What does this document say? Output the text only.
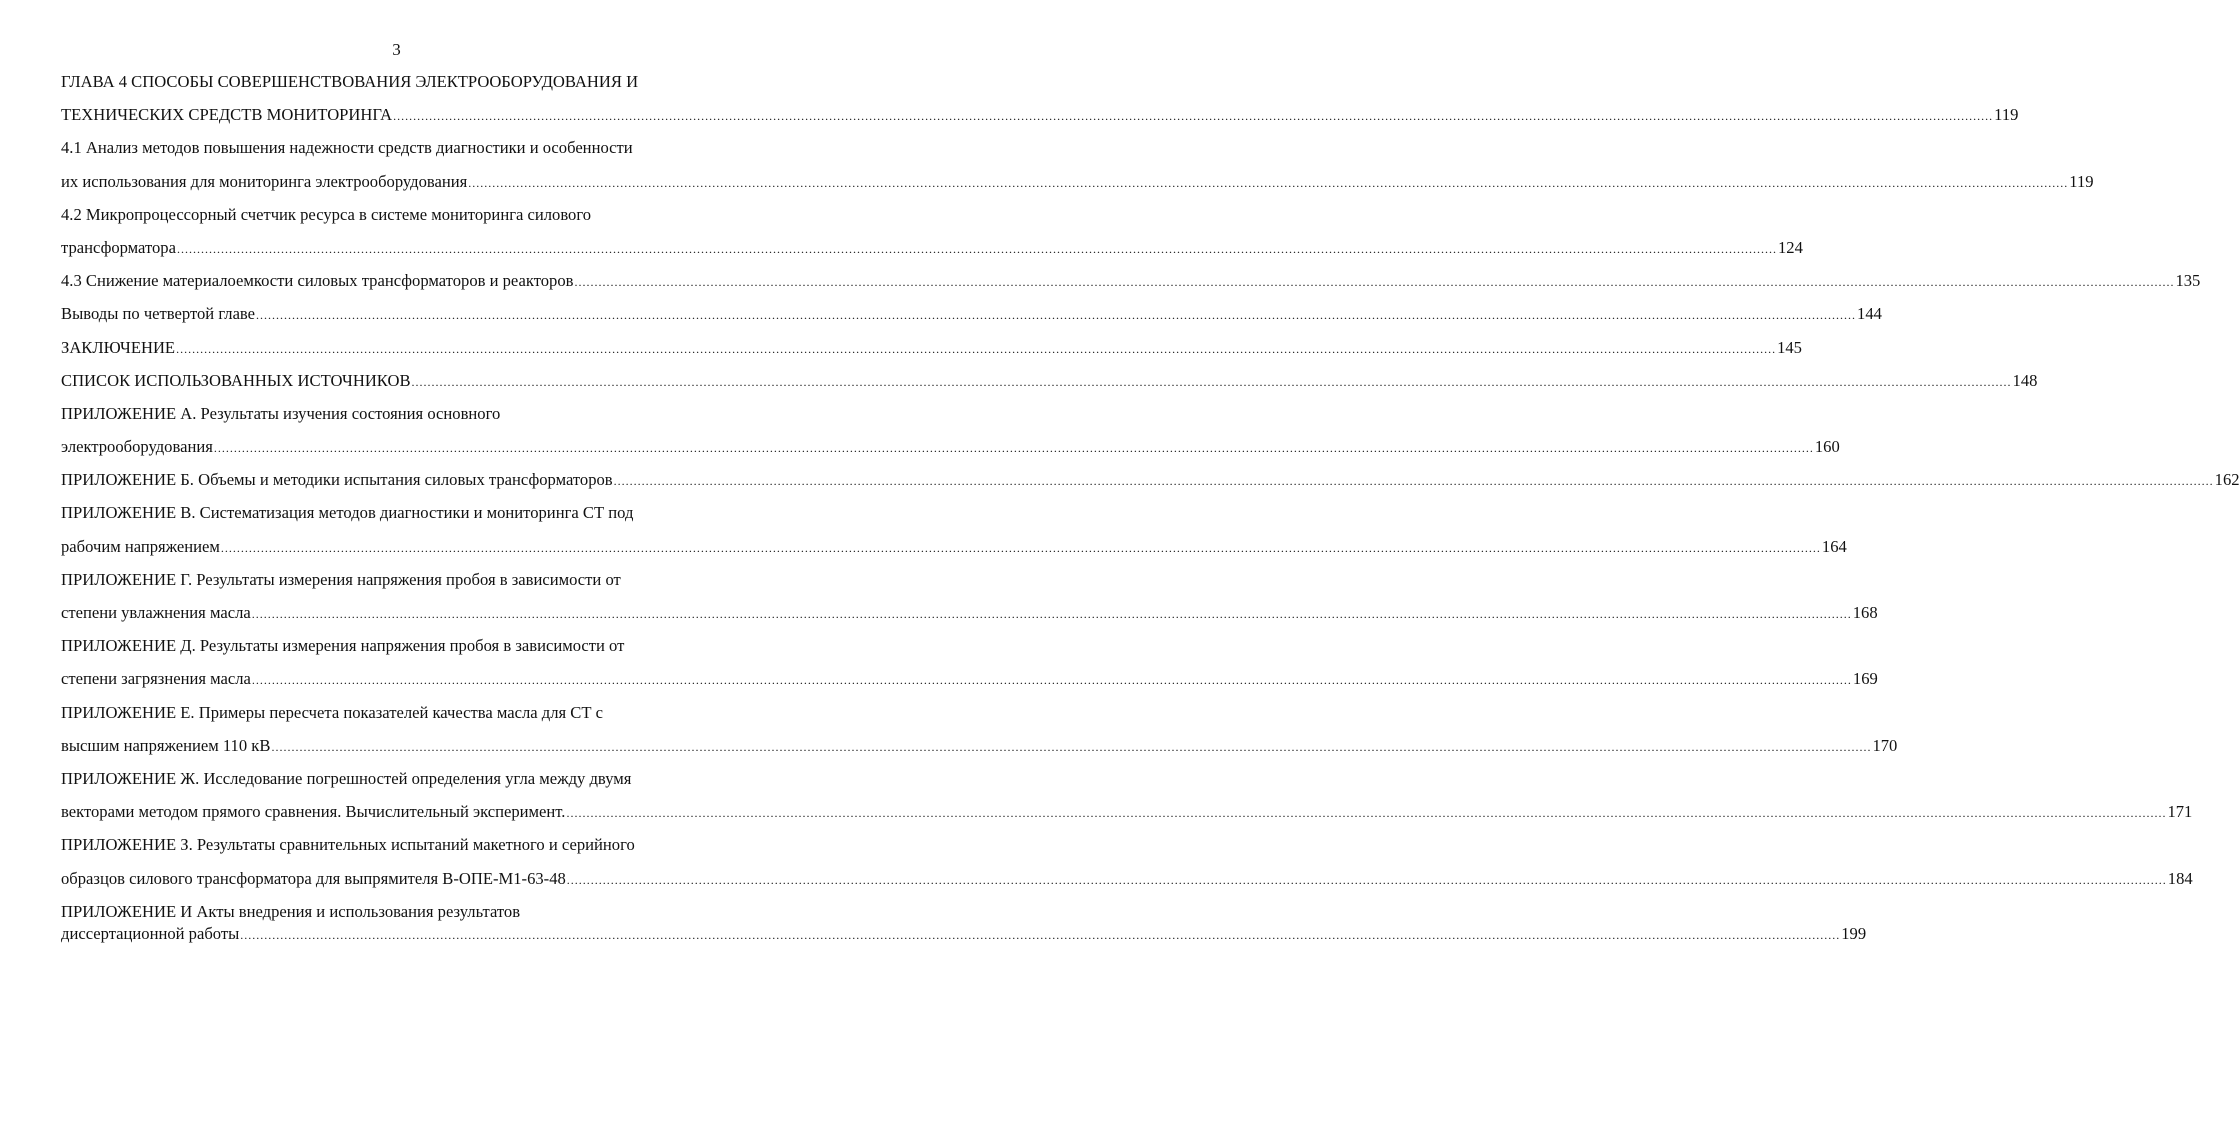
3
ГЛАВА 4 СПОСОБЫ СОВЕРШЕНСТВОВАНИЯ ЭЛЕКТРООБОРУДОВАНИЯ И
ТЕХНИЧЕСКИХ СРЕДСТВ МОНИТОРИНГА ................................................................................................................................................................................................................................................................................................................................................................................................................ 119
4.1 Анализ методов повышения надежности средств диагностики и особенности
их использования для мониторинга электрооборудования ................................................................................................................................................................................................................................................................................................................................................................................................................ 119
4.2 Микропроцессорный счетчик ресурса в системе мониторинга силового
трансформатора ................................................................................................................................................................................................................................................................................................................................................................................................................ 124
4.3 Снижение материалоемкости силовых трансформаторов и реакторов ................................................................................................................................................................................................................................................................................................................................................................................................................ 135
Выводы по четвертой главе ................................................................................................................................................................................................................................................................................................................................................................................................................ 144
ЗАКЛЮЧЕНИЕ ................................................................................................................................................................................................................................................................................................................................................................................................................ 145
СПИСОК ИСПОЛЬЗОВАННЫХ ИСТОЧНИКОВ ................................................................................................................................................................................................................................................................................................................................................................................................................ 148
ПРИЛОЖЕНИЕ А. Результаты изучения состояния основного
электрооборудования ................................................................................................................................................................................................................................................................................................................................................................................................................ 160
ПРИЛОЖЕНИЕ Б. Объемы и методики испытания силовых трансформаторов ................................................................................................................................................................................................................................................................................................................................................................................................................ 162
ПРИЛОЖЕНИЕ В. Систематизация методов диагностики и мониторинга СТ под
рабочим напряжением ................................................................................................................................................................................................................................................................................................................................................................................................................ 164
ПРИЛОЖЕНИЕ Г. Результаты измерения напряжения пробоя в зависимости от
степени увлажнения масла ................................................................................................................................................................................................................................................................................................................................................................................................................ 168
ПРИЛОЖЕНИЕ Д. Результаты измерения напряжения пробоя в зависимости от
степени загрязнения масла ................................................................................................................................................................................................................................................................................................................................................................................................................ 169
ПРИЛОЖЕНИЕ Е. Примеры пересчета показателей качества масла для СТ с
высшим напряжением 110 кВ ................................................................................................................................................................................................................................................................................................................................................................................................................ 170
ПРИЛОЖЕНИЕ Ж. Исследование погрешностей определения угла между двумя
векторами методом прямого сравнения. Вычислительный эксперимент. ................................................................................................................................................................................................................................................................................................................................................................................................................ 171
ПРИЛОЖЕНИЕ З. Результаты сравнительных испытаний макетного и серийного
образцов силового трансформатора для выпрямителя В-ОПЕ-М1-63-48 ................................................................................................................................................................................................................................................................................................................................................................................................................ 184
ПРИЛОЖЕНИЕ И Акты внедрения и использования результатов
диссертационной работы ................................................................................................................................................................................................................................................................................................................................................................................................................ 199
